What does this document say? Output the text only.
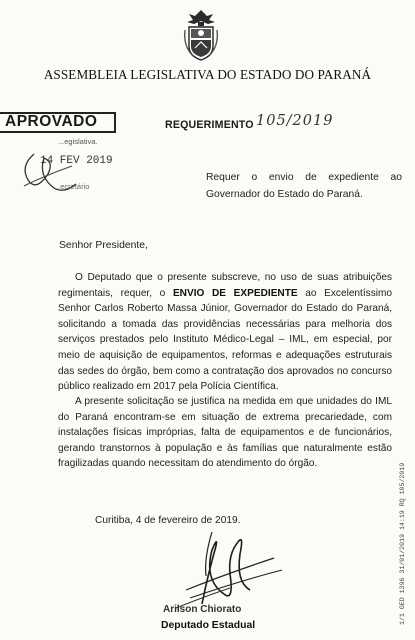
ASSEMBLEIA LEGISLATIVA DO ESTADO DO PARANÁ
APROVADO
...egislativa.
14 FEV 2019
...ecretário
REQUERIMENTO 105/2019
Requer o envio de expediente ao Governador do Estado do Paraná.
Senhor Presidente,
O Deputado que o presente subscreve, no uso de suas atribuições regimentais, requer, o ENVIO DE EXPEDIENTE ao Excelentíssimo Senhor Carlos Roberto Massa Júnior, Governador do Estado do Paraná, solicitando a tomada das providências necessárias para melhoria dos serviços prestados pelo Instituto Médico-Legal – IML, em especial, por meio de aquisição de equipamentos, reformas e adequações estruturais das sedes do órgão, bem como a contratação dos aprovados no concurso público realizado em 2017 pela Polícia Científica.
A presente solicitação se justifica na medida em que unidades do IML do Paraná encontram-se em situação de extrema precariedade, com instalações físicas impróprias, falta de equipamentos e de funcionários, gerando transtornos à população e às famílias que naturalmente estão fragilizadas quando necessitam do atendimento do órgão.
Curitiba, 4 de fevereiro de 2019.
Arilson Chiorato
Deputado Estadual
1/1 GED 1396 31/01/2019 14:19 RQ 105/2019
